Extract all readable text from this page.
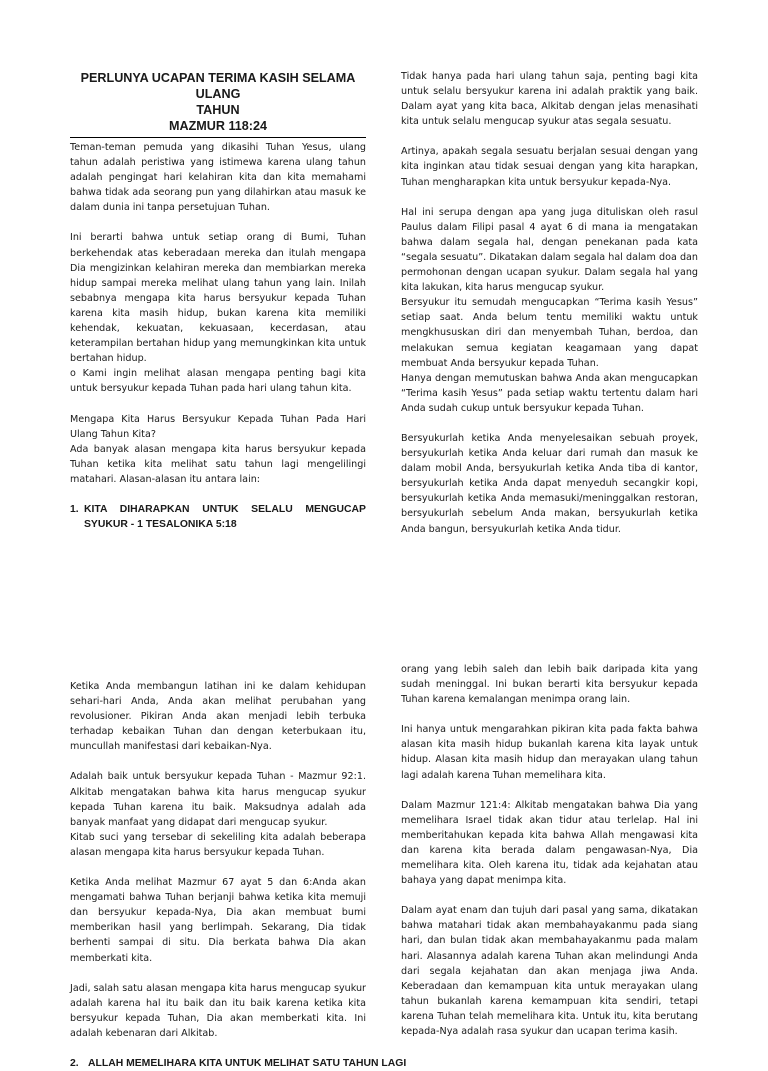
PERLUNYA UCAPAN TERIMA KASIH SELAMA ULANG
TAHUN
MAZMUR 118:24

Teman-teman pemuda yang dikasihi Tuhan Yesus, ulang tahun adalah peristiwa yang istimewa karena ulang tahun adalah pengingat hari kelahiran kita dan kita memahami bahwa tidak ada seorang pun yang dilahirkan atau masuk ke dalam dunia ini tanpa persetujuan Tuhan.

Ini berarti bahwa untuk setiap orang di Bumi, Tuhan berkehendak atas keberadaan mereka dan itulah mengapa Dia mengizinkan kelahiran mereka dan membiarkan mereka hidup sampai mereka melihat ulang tahun yang lain. Inilah sebabnya mengapa kita harus bersyukur kepada Tuhan karena kita masih hidup, bukan karena kita memiliki kehendak, kekuatan, kekuasaan, kecerdasan, atau keterampilan bertahan hidup yang memungkinkan kita untuk bertahan hidup.

o Kami ingin melihat alasan mengapa penting bagi kita untuk bersyukur kepada Tuhan pada hari ulang tahun kita.

Mengapa Kita Harus Bersyukur Kepada Tuhan Pada Hari Ulang Tahun Kita?

Ada banyak alasan mengapa kita harus bersyukur kepada Tuhan ketika kita melihat satu tahun lagi mengelilingi matahari. Alasan-alasan itu antara lain:

1. KITA DIHARAPKAN UNTUK SELALU MENGUCAP SYUKUR - 1 TESALONIKA 5:18

Tidak hanya pada hari ulang tahun saja, penting bagi kita untuk selalu bersyukur karena ini adalah praktik yang baik. Dalam ayat yang kita baca, Alkitab dengan jelas menasihati kita untuk selalu mengucap syukur atas segala sesuatu.

Artinya, apakah segala sesuatu berjalan sesuai dengan yang kita inginkan atau tidak sesuai dengan yang kita harapkan, Tuhan mengharapkan kita untuk bersyukur kepada-Nya.

Hal ini serupa dengan apa yang juga dituliskan oleh rasul Paulus dalam Filipi pasal 4 ayat 6 di mana ia mengatakan bahwa dalam segala hal, dengan penekanan pada kata “segala sesuatu”. Dikatakan dalam segala hal dalam doa dan permohonan dengan ucapan syukur. Dalam segala hal yang kita lakukan, kita harus mengucap syukur.

Bersyukur itu semudah mengucapkan “Terima kasih Yesus” setiap saat. Anda belum tentu memiliki waktu untuk mengkhususkan diri dan menyembah Tuhan, berdoa, dan melakukan semua kegiatan keagamaan yang dapat membuat Anda bersyukur kepada Tuhan.

Hanya dengan memutuskan bahwa Anda akan mengucapkan “Terima kasih Yesus” pada setiap waktu tertentu dalam hari Anda sudah cukup untuk bersyukur kepada Tuhan.

Bersyukurlah ketika Anda menyelesaikan sebuah proyek, bersyukurlah ketika Anda keluar dari rumah dan masuk ke dalam mobil Anda, bersyukurlah ketika Anda tiba di kantor, bersyukurlah ketika Anda dapat menyeduh secangkir kopi, bersyukurlah ketika Anda memasuki/meninggalkan restoran, bersyukurlah sebelum Anda makan, bersyukurlah ketika Anda bangun, bersyukurlah ketika Anda tidur.

Ketika Anda membangun latihan ini ke dalam kehidupan sehari-hari Anda, Anda akan melihat perubahan yang revolusioner. Pikiran Anda akan menjadi lebih terbuka terhadap kebaikan Tuhan dan dengan keterbukaan itu, muncullah manifestasi dari kebaikan-Nya.

Adalah baik untuk bersyukur kepada Tuhan - Mazmur 92:1. Alkitab mengatakan bahwa kita harus mengucap syukur kepada Tuhan karena itu baik. Maksudnya adalah ada banyak manfaat yang didapat dari mengucap syukur.

Kitab suci yang tersebar di sekeliling kita adalah beberapa alasan mengapa kita harus bersyukur kepada Tuhan.

Ketika Anda melihat Mazmur 67 ayat 5 dan 6:Anda akan mengamati bahwa Tuhan berjanji bahwa ketika kita memuji dan bersyukur kepada-Nya, Dia akan membuat bumi memberikan hasil yang berlimpah. Sekarang, Dia tidak berhenti sampai di situ. Dia berkata bahwa Dia akan memberkati kita.

Jadi, salah satu alasan mengapa kita harus mengucap syukur adalah karena hal itu baik dan itu baik karena ketika kita bersyukur kepada Tuhan, Dia akan memberkati kita. Ini adalah kebenaran dari Alkitab.

2. ALLAH MEMELIHARA KITA UNTUK MELIHAT SATU TAHUN LAGI

orang yang lebih saleh dan lebih baik daripada kita yang sudah meninggal. Ini bukan berarti kita bersyukur kepada Tuhan karena kemalangan menimpa orang lain.

Ini hanya untuk mengarahkan pikiran kita pada fakta bahwa alasan kita masih hidup bukanlah karena kita layak untuk hidup. Alasan kita masih hidup dan merayakan ulang tahun lagi adalah karena Tuhan memelihara kita.

Dalam Mazmur 121:4: Alkitab mengatakan bahwa Dia yang memelihara Israel tidak akan tidur atau terlelap. Hal ini memberitahukan kepada kita bahwa Allah mengawasi kita dan karena kita berada dalam pengawasan-Nya, Dia memelihara kita. Oleh karena itu, tidak ada kejahatan atau bahaya yang dapat menimpa kita.

Dalam ayat enam dan tujuh dari pasal yang sama, dikatakan bahwa matahari tidak akan membahayakanmu pada siang hari, dan bulan tidak akan membahayakanmu pada malam hari. Alasannya adalah karena Tuhan akan melindungi Anda dari segala kejahatan dan akan menjaga jiwa Anda. Keberadaan dan kemampuan kita untuk merayakan ulang tahun bukanlah karena kemampuan kita sendiri, tetapi karena Tuhan telah memelihara kita. Untuk itu, kita berutang kepada-Nya adalah rasa syukur dan ucapan terima kasih.
